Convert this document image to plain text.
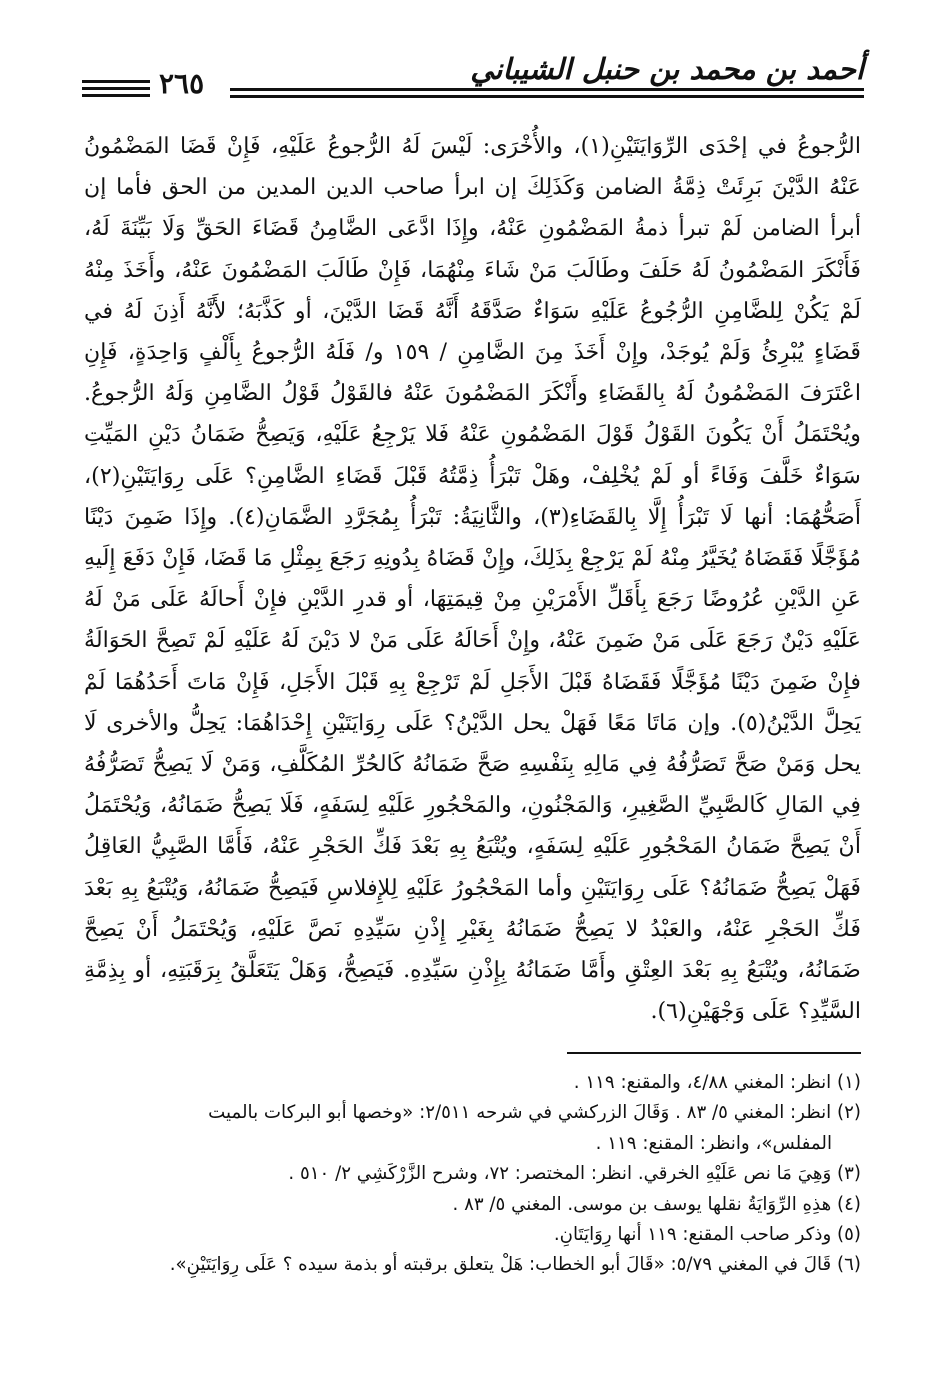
أحمد بن محمد بن حنبل الشيباني
٢٦٥
الرُّجوعُ في إحْدَى الرِّوَايَتَيْنِ(١)، والأُخْرَى: لَيْسَ لَهُ الرُّجوعُ عَلَيْهِ، فَإِنْ قَضَا المَضْمُونُ عَنْهُ الدَّيْنَ بَرِئَتْ ذِمَّةُ الضامن وَكَذَلِكَ إن ابرأ صاحب الدين المدين من الحق فأما إن أبرأ الضامن لَمْ تبرأ ذمةُ المَضْمُونِ عَنْهُ، وإِذَا ادَّعَى الضَّامِنُ قَضَاءَ الحَقِّ وَلَا بَيِّنَةَ لَهُ، فَأَنْكَرَ المَضْمُونُ لَهُ حَلَفَ وطَالَبَ مَنْ شَاءَ مِنْهُمَا، فَإِنْ طَالَبَ المَضْمُونَ عَنْهُ، وأَخَذَ مِنْهُ لَمْ يَكُنْ لِلضَّامِنِ الرُّجُوعُ عَلَيْهِ سَوَاءٌ صَدَّقَهُ أَنَّهُ قَضَا الدَّيْنَ، أو كَذَّبَهُ؛ لأَنَّهُ أَذِنَ لَهُ في قَضَاءٍ يُبْرِئُ وَلَمْ يُوجَدْ، وإِنْ أَخَذَ مِنَ الضَّامِنِ / ١٥٩ و/ فَلَهُ الرُّجوعُ بِأَلْفٍ وَاحِدَةٍ، فَإِنِ اعْتَرَفَ المَضْمُونُ لَهُ بِالقَضَاءِ وأَنْكَرَ المَضْمُونَ عَنْهُ فالقَوْلُ قَوْلُ الضَّامِنِ وَلَهُ الرُّجوعُ. ويُحْتَمَلُ أَنْ يَكُونَ القَوْلُ قَوْلَ المَضْمُونِ عَنْهُ فَلا يَرْجِعُ عَلَيْهِ، وَيَصِحُّ ضَمَانُ دَيْنِ المَيِّتِ سَوَاءٌ خَلَّفَ وَفَاءً أو لَمْ يُخْلِفْ، وهَلْ تَبْرَأُ ذِمَّتُهُ قَبْلَ قَضَاءِ الضَّامِنِ؟ عَلَى رِوَايَتَيْنِ(٢)، أَصَحُّهُمَا: أنها لَا تَبْرَأُ إِلَّا بِالقَضَاءِ(٣)، والثَّانِيَةُ: تَبْرَأُ بِمُجَرَّدِ الضَّمَانِ(٤). وإِذَا ضَمِنَ دَيْنًا مُؤَجَّلًا فَقَضَاهُ يُخَيَّرُ مِنْهُ لَمْ يَرْجِعْ بِذَلِكَ، وإِنْ قَضَاهُ بِدُونِهِ رَجَعَ بِمِثْلِ مَا قَضَا، فَإِنْ دَفَعَ إِلَيهِ عَنِ الدَّيْنِ عُرُوضًا رَجَعَ بِأَقَلِّ الأَمْرَيْنِ مِنْ قِيمَتِهَا، أو قدرِ الدَّيْنِ فإِنْ أَحالَهُ عَلَى مَنْ لَهُ عَلَيْهِ دَيْنٌ رَجَعَ عَلَى مَنْ ضَمِنَ عَنْهُ، وإِنْ أَحَالَهُ عَلَى مَنْ لا دَيْنَ لَهُ عَلَيْهِ لَمْ تَصِحَّ الحَوَالَةُ فإِنْ ضَمِنَ دَيْنًا مُؤَجَّلًا فَقَضَاهُ قَبْلَ الأَجَلِ لَمْ تَرْجِعْ بِهِ قَبْلَ الأَجَلِ، فَإِنْ مَاتَ أَحَدُهُمَا لَمْ يَحِلَّ الدَّيْنُ(٥). وإن مَاتَا مَعًا فَهَلْ يحل الدَّيْنُ؟ عَلَى رِوَايَتَيْنِ إِحْدَاهُمَا: يَحِلُّ والأخرى لَا يحل وَمَنْ صَحَّ تَصَرُّفُهُ فِي مَالِهِ بِنَفْسِهِ صَحَّ ضَمَانُهُ كَالحُرِّ المُكَلَّفِ، وَمَنْ لَا يَصِحُّ تَصَرُّفُهُ فِي المَالِ كَالصَّبِيِّ الصَّغِيرِ، وَالمَجْنُونِ، والمَحْجُورِ عَلَيْهِ لِسَفَهٍ، فَلَا يَصِحُّ ضَمَانُهُ، وَيُحْتَمَلُ أَنْ يَصِحَّ ضَمَانُ المَحْجُورِ عَلَيْهِ لِسَفَهٍ، ويُتْبَعُ بِهِ بَعْدَ فَكِّ الحَجْرِ عَنْهُ، فَأَمَّا الصَّبِيُّ العَاقِلُ فَهَلْ يَصِحُّ ضَمَانُهُ؟ عَلَى رِوَايَتَيْنِ وأما المَحْجُورُ عَلَيْهِ لِلإِفلاسِ فَيَصِحُّ ضَمَانُهُ، وَيُتْبَعُ بِهِ بَعْدَ فَكِّ الحَجْرِ عَنْهُ، والعَبْدُ لا يَصِحُّ ضَمَانُهُ بِغَيْرِ إِذْنِ سَيِّدِهِ نَصَّ عَلَيْهِ، وَيُحْتَمَلُ أَنْ يَصِحَّ ضَمَانُهُ، ويُتْبَعُ بِهِ بَعْدَ العِتْقِ وأَمَّا ضَمَانُهُ بِإِذْنِ سَيِّدِهِ. فَيَصِحُّ، وَهَلْ يَتَعَلَّقُ بِرَقَبَتِهِ، أو بِذِمَّةِ السَّيِّدِ؟ عَلَى وَجْهَيْنِ(٦).
(١) انظر: المغني ٤/٨٨، والمقنع: ١١٩ .
(٢) انظر: المغني ٥/ ٨٣ . وَقَالَ الزركشي في شرحه ٢/٥١١: «وخصها أبو البركات بالميت
المفلس»، وانظر: المقنع: ١١٩ .
(٣) وَهِيَ مَا نص عَلَيْهِ الخرقي. انظر: المختصر: ٧٢، وشرح الزَّرْكَشِي ٢/ ٥١٠ .
(٤) هذِهِ الرِّوَايَةُ نقلها يوسف بن موسى. المغني ٥/ ٨٣ .
(٥) وذكر صاحب المقنع: ١١٩ أنها رِوَايَتَانِ.
(٦) قَالَ في المغني ٥/٧٩: «قَالَ أبو الخطاب: هَلْ يتعلق برقبته أو بذمة سيده ؟ عَلَى رِوَايَتَيْنِ».
